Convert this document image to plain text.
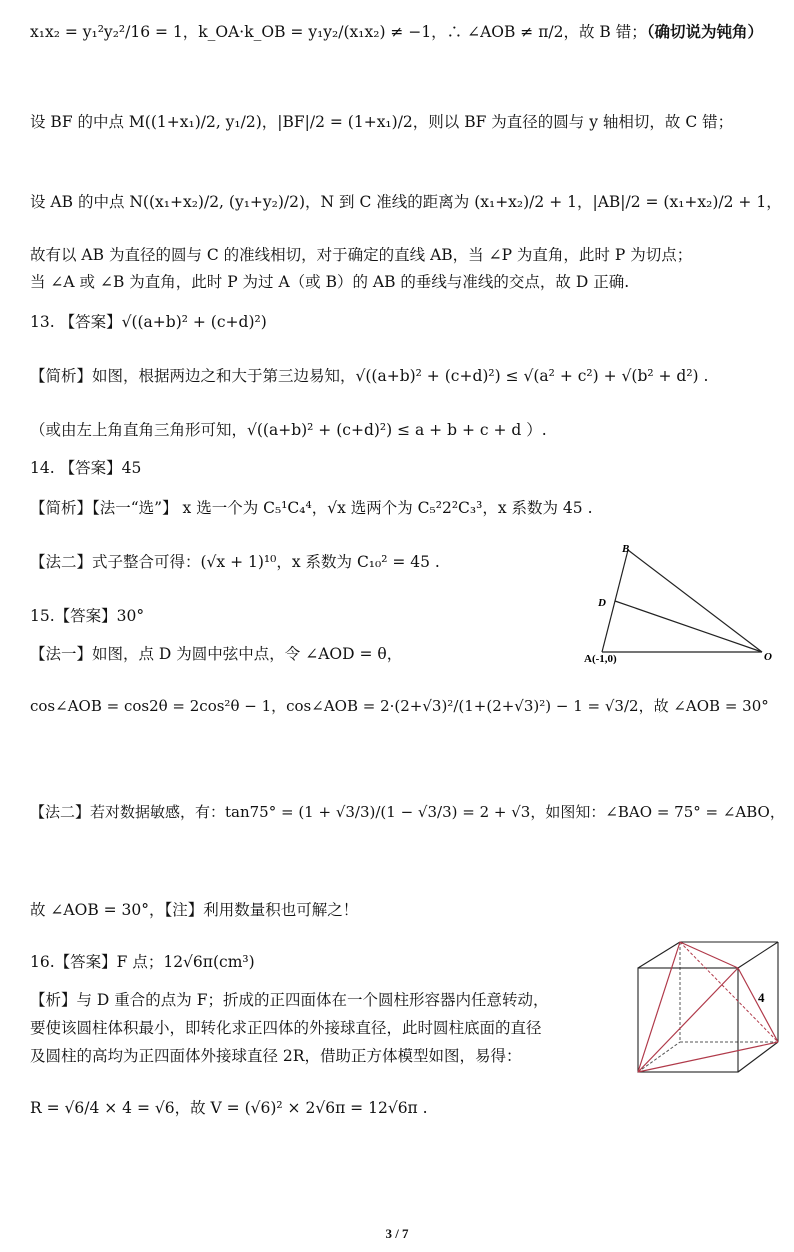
x₁x₂ = y₁²y₂²/16 = 1，k_OA·k_OB = y₁y₂/(x₁x₂) ≠ −1，∴ ∠AOB ≠ π/2，故 B 错；（确切说为钝角）
设 BF 的中点 M((1+x₁)/2, y₁/2)，|BF|/2 = (1+x₁)/2，则以 BF 为直径的圆与 y 轴相切，故 C 错；
设 AB 的中点 N((x₁+x₂)/2, (y₁+y₂)/2)，N 到 C 准线的距离为 (x₁+x₂)/2 + 1，|AB|/2 = (x₁+x₂)/2 + 1，
故有以 AB 为直径的圆与 C 的准线相切，对于确定的直线 AB，当 ∠P 为直角，此时 P 为切点；
当 ∠A 或 ∠B 为直角，此时 P 为过 A（或 B）的 AB 的垂线与准线的交点，故 D 正确.
13. 【答案】√((a+b)² + (c+d)²)
【简析】如图，根据两边之和大于第三边易知，√((a+b)² + (c+d)²) ≤ √(a² + c²) + √(b² + d²) .
（或由左上角直角三角形可知，√((a+b)² + (c+d)²) ≤ a + b + c + d ）.
14. 【答案】45
【简析】【法一“选”】 x 选一个为 C₅¹C₄⁴，√x 选两个为 C₅²2²C₃³，x 系数为 45 .
【法二】式子整合可得：(√x + 1)¹⁰，x 系数为 C₁₀² = 45 .
15.【答案】30°
【法一】如图，点 D 为圆中弦中点，令 ∠AOD = θ，
cos∠AOB = cos2θ = 2cos²θ − 1，cos∠AOB = 2·(2+√3)²/(1+(2+√3)²) − 1 = √3/2，故 ∠AOB = 30°
【法二】若对数据敏感，有：tan75° = (1 + √3/3)/(1 − √3/3) = 2 + √3，如图知：∠BAO = 75° = ∠ABO，
故 ∠AOB = 30°，【注】利用数量积也可解之！
16.【答案】F 点；12√6π(cm³)
【析】与 D 重合的点为 F；折成的正四面体在一个圆柱形容器内任意转动，
要使该圆柱体积最小，即转化求正四体的外接球直径，此时圆柱底面的直径
及圆柱的高均为正四面体外接球直径 2R，借助正方体模型如图，易得：
R = √6/4 × 4 = √6，故 V = (√6)² × 2√6π = 12√6π .
B
D
A(-1,0)	O
4
3 / 7
